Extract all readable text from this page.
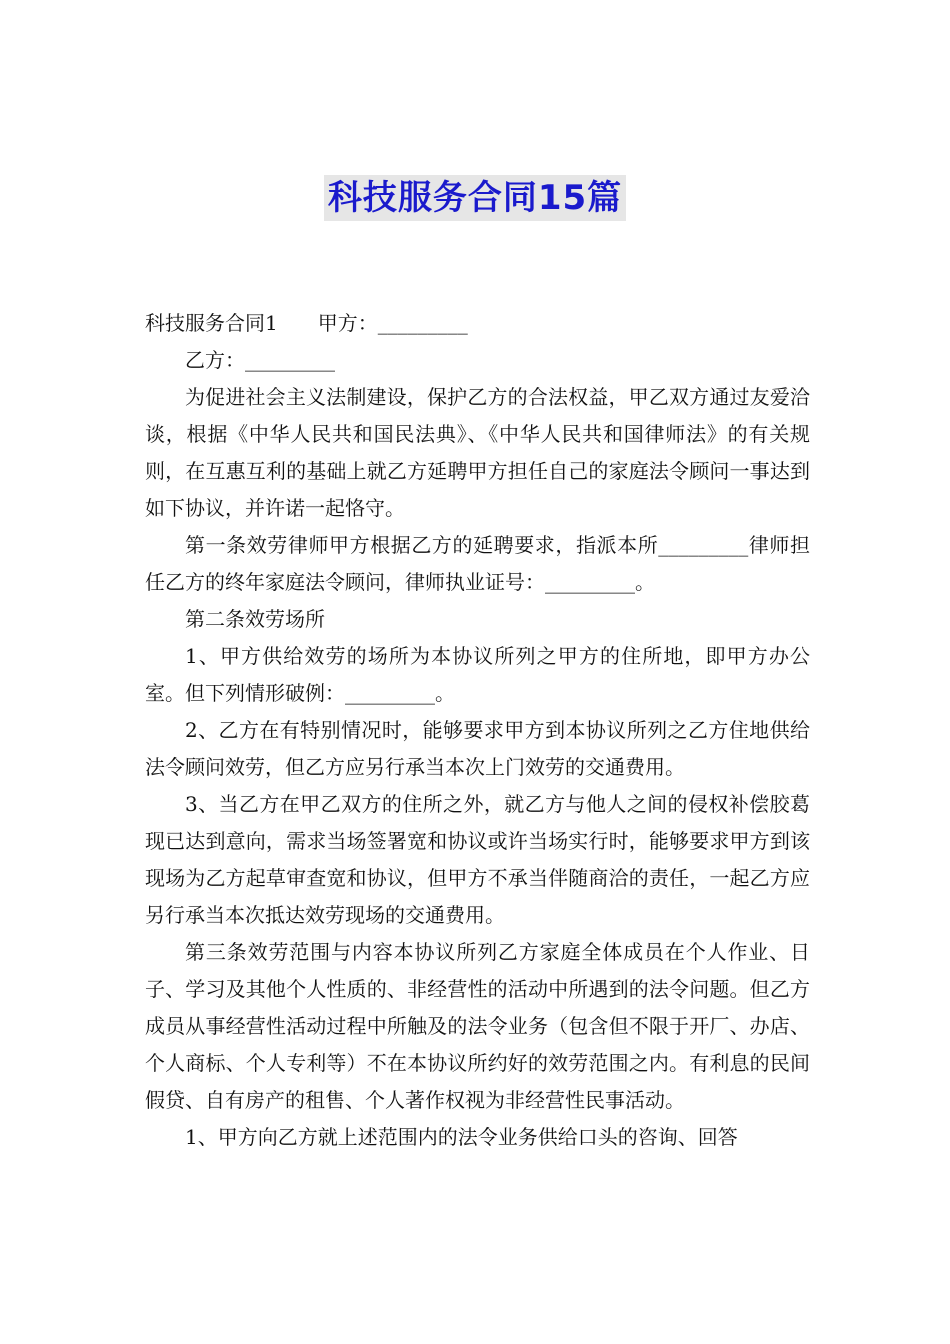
科技服务合同15篇

科技服务合同1　　甲方：_________

乙方：_________

为促进社会主义法制建设，保护乙方的合法权益，甲乙双方通过友爱洽谈，根据《中华人民共和国民法典》、《中华人民共和国律师法》的有关规则，在互惠互利的基础上就乙方延聘甲方担任自己的家庭法令顾问一事达到如下协议，并许诺一起恪守。

第一条效劳律师甲方根据乙方的延聘要求，指派本所_________律师担任乙方的终年家庭法令顾问，律师执业证号：_________。

第二条效劳场所

1、甲方供给效劳的场所为本协议所列之甲方的住所地，即甲方办公室。但下列情形破例：_________。

2、乙方在有特别情况时，能够要求甲方到本协议所列之乙方住地供给法令顾问效劳，但乙方应另行承当本次上门效劳的交通费用。

3、当乙方在甲乙双方的住所之外，就乙方与他人之间的侵权补偿胶葛现已达到意向，需求当场签署宽和协议或许当场实行时，能够要求甲方到该现场为乙方起草审查宽和协议，但甲方不承当伴随商洽的责任，一起乙方应另行承当本次抵达效劳现场的交通费用。

第三条效劳范围与内容本协议所列乙方家庭全体成员在个人作业、日子、学习及其他个人性质的、非经营性的活动中所遇到的法令问题。但乙方成员从事经营性活动过程中所触及的法令业务（包含但不限于开厂、办店、个人商标、个人专利等）不在本协议所约好的效劳范围之内。有利息的民间假贷、自有房产的租售、个人著作权视为非经营性民事活动。

1、甲方向乙方就上述范围内的法令业务供给口头的咨询、回答
